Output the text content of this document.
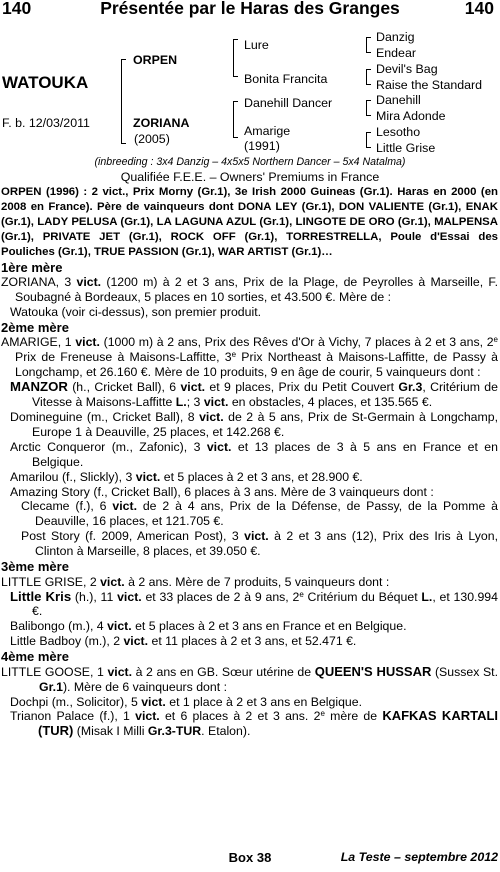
140	Présentée par le Haras des Granges	140
WATOUKA
F. b. 12/03/2011
ORPEN
ZORIANA
(2005)
Lure
Bonita Francita
Danehill Dancer
Amarige
(1991)
Danzig
Endear
Devil's Bag
Raise the Standard
Danehill
Mira Adonde
Lesotho
Little Grise
(inbreeding : 3x4 Danzig – 4x5x5 Northern Dancer – 5x4 Natalma)
Qualifiée F.E.E. – Owners' Premiums in France

ORPEN (1996) : 2 vict., Prix Morny (Gr.1), 3e Irish 2000 Guineas (Gr.1). Haras en 2000 (en 2008 en France). Père de vainqueurs dont DONA LEY (Gr.1), DON VALIENTE (Gr.1), ENAK (Gr.1), LADY PELUSA (Gr.1), LA LAGUNA AZUL (Gr.1), LINGOTE DE ORO (Gr.1), MALPENSA (Gr.1), PRIVATE JET (Gr.1), ROCK OFF (Gr.1), TORRESTRELLA, Poule d'Essai des Pouliches (Gr.1), TRUE PASSION (Gr.1), WAR ARTIST (Gr.1)…

1ère mère

ZORIANA, 3 vict. (1200 m) à 2 et 3 ans, Prix de la Plage, de Peyrolles à Marseille, F. Soubagné à Bordeaux, 5 places en 10 sorties, et 43.500 €. Mère de :

Watouka (voir ci-dessus), son premier produit.

2ème mère

AMARIGE, 1 vict. (1000 m) à 2 ans, Prix des Rêves d'Or à Vichy, 7 places à 2 et 3 ans, 2e Prix de Freneuse à Maisons-Laffitte, 3e Prix Northeast à Maisons-Laffitte, de Passy à Longchamp, et 26.160 €. Mère de 10 produits, 9 en âge de courir, 5 vainqueurs dont :

MANZOR (h., Cricket Ball), 6 vict. et 9 places, Prix du Petit Couvert Gr.3, Critérium de Vitesse à Maisons-Laffitte L.; 3 vict. en obstacles, 4 places, et 135.565 €.

Domineguine (m., Cricket Ball), 8 vict. de 2 à 5 ans, Prix de St-Germain à Longchamp, Europe 1 à Deauville, 25 places, et 142.268 €.

Arctic Conqueror (m., Zafonic), 3 vict. et 13 places de 3 à 5 ans en France et en Belgique.

Amarilou (f., Slickly), 3 vict. et 5 places à 2 et 3 ans, et 28.900 €.

Amazing Story (f., Cricket Ball), 6 places à 3 ans. Mère de 3 vainqueurs dont :

Clecame (f.), 6 vict. de 2 à 4 ans, Prix de la Défense, de Passy, de la Pomme à Deauville, 16 places, et 121.705 €.

Post Story (f. 2009, American Post), 3 vict. à 2 et 3 ans (12), Prix des Iris à Lyon, Clinton à Marseille, 8 places, et 39.050 €.

3ème mère

LITTLE GRISE, 2 vict. à 2 ans. Mère de 7 produits, 5 vainqueurs dont :

Little Kris (h.), 11 vict. et 33 places de 2 à 9 ans, 2e Critérium du Béquet L., et 130.994 €.

Balibongo (m.), 4 vict. et 5 places à 2 et 3 ans en France et en Belgique.

Little Badboy (m.), 2 vict. et 11 places à 2 et 3 ans, et 52.471 €.

4ème mère

LITTLE GOOSE, 1 vict. à 2 ans en GB. Sœur utérine de QUEEN'S HUSSAR (Sussex St. Gr.1). Mère de 6 vainqueurs dont :

Dochpi (m., Solicitor), 5 vict. et 1 place à 2 et 3 ans en Belgique.

Trianon Palace (f.), 1 vict. et 6 places à 2 et 3 ans. 2e mère de KAFKAS KARTALI (TUR) (Misak I Milli Gr.3-TUR. Etalon).

Box 38	La Teste – septembre 2012
